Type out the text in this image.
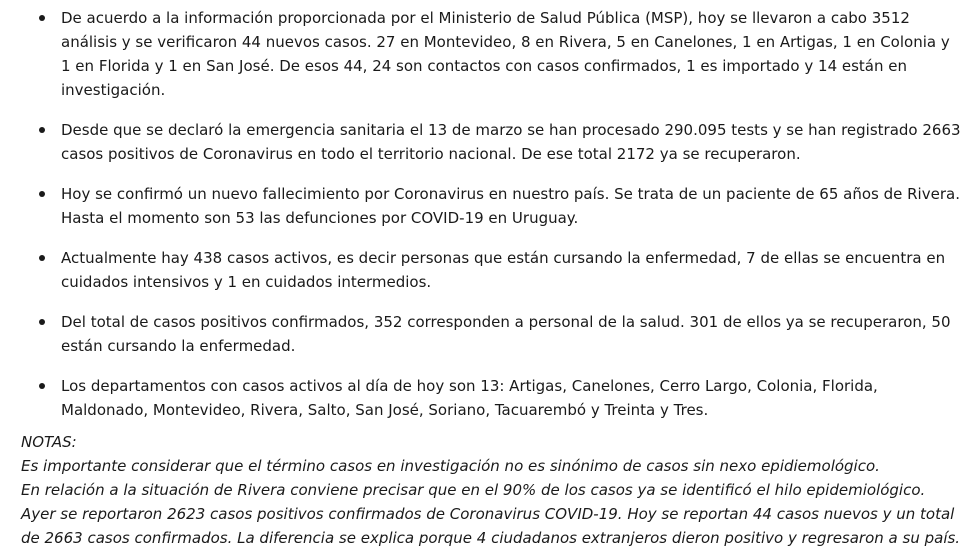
De acuerdo a la información proporcionada por el Ministerio de Salud Pública (MSP), hoy se llevaron a cabo 3512 análisis y se verificaron 44 nuevos casos. 27 en Montevideo, 8 en Rivera, 5 en Canelones, 1 en Artigas, 1 en Colonia y 1 en Florida y 1 en San José. De esos 44, 24 son contactos con casos confirmados, 1 es importado y 14 están en investigación.
Desde que se declaró la emergencia sanitaria el 13 de marzo se han procesado 290.095 tests y se han registrado 2663 casos positivos de Coronavirus en todo el territorio nacional. De ese total 2172 ya se recuperaron.
Hoy se confirmó un nuevo fallecimiento por Coronavirus en nuestro país. Se trata de un paciente de 65 años de Rivera. Hasta el momento son 53 las defunciones por COVID-19 en Uruguay.
Actualmente hay 438 casos activos, es decir personas que están cursando la enfermedad, 7 de ellas se encuentra en cuidados intensivos y 1 en cuidados intermedios.
Del total de casos positivos confirmados, 352 corresponden a personal de la salud. 301 de ellos ya se recuperaron, 50 están cursando la enfermedad.
Los departamentos con casos activos al día de hoy son 13: Artigas, Canelones, Cerro Largo, Colonia, Florida, Maldonado, Montevideo, Rivera, Salto, San José, Soriano, Tacuarembó y Treinta y Tres.
NOTAS:
Es importante considerar que el término casos en investigación no es sinónimo de casos sin nexo epidiemológico.
En relación a la situación de Rivera conviene precisar que en el 90% de los casos ya se identificó el hilo epidemiológico.
Ayer se reportaron 2623 casos positivos confirmados de Coronavirus COVID-19. Hoy se reportan 44 casos nuevos y un total de 2663 casos confirmados. La diferencia se explica porque 4 ciudadanos extranjeros dieron positivo y regresaron a su país.
